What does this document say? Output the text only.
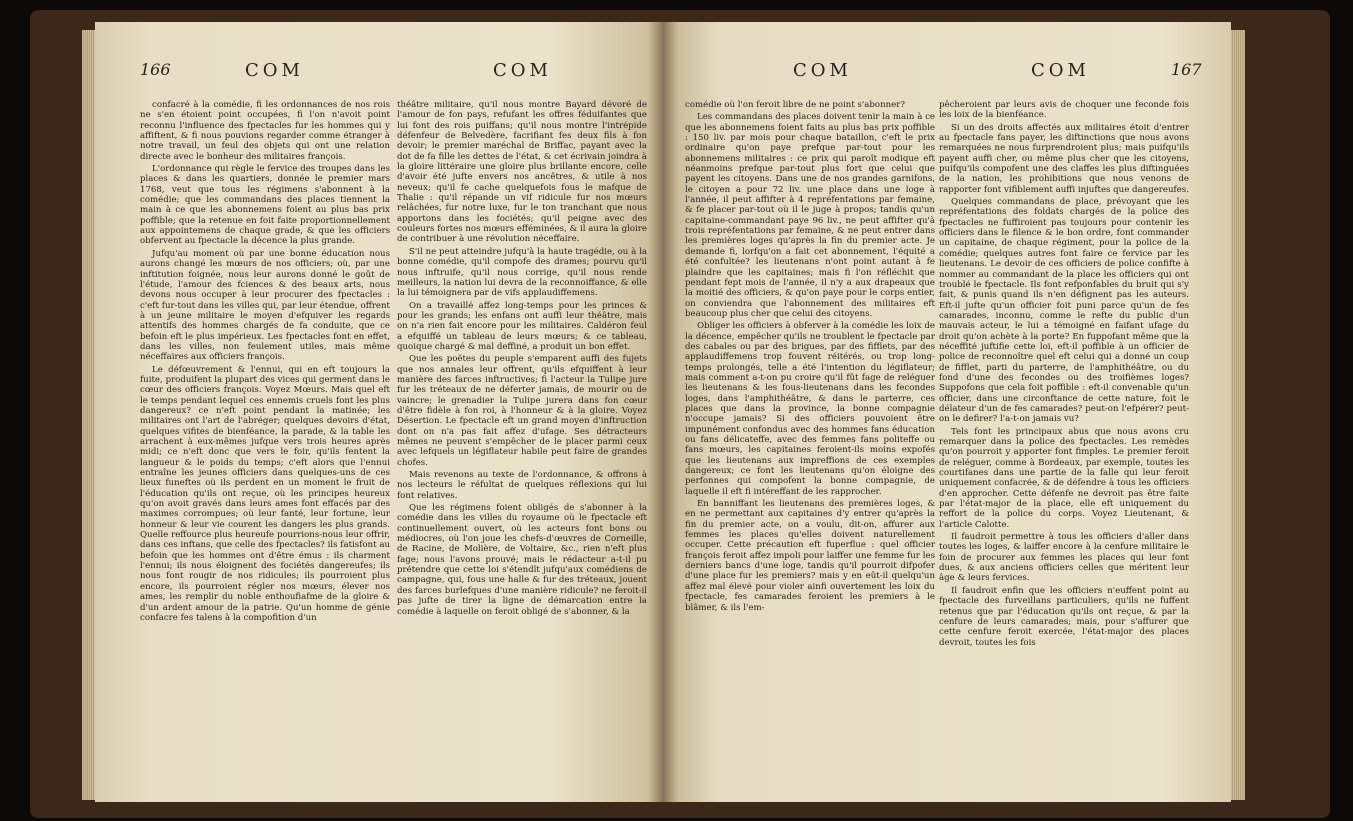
166	COM	COM

confacré à la comédie, fi les ordonnances de nos rois ne s'en étoient point occupées, fi l'on n'avoit point reconnu l'influence des fpectacles fur les hommes qui y affiftent, & fi nous pouvions regarder comme étranger à notre travail, un feul des objets qui ont une relation directe avec le bonheur des militaires françois.

L'ordonnance qui règle le fervice des troupes dans les places & dans les quartiers, donnée le premier mars 1768, veut que tous les régimens s'abonnent à la comédie; que les commandans des places tiennent la main à ce que les abonnemens foient au plus bas prix poffible; que la retenue en foit faite proportionnellement aux appointemens de chaque grade, & que les officiers obfervent au fpectacle la décence la plus grande.

Jufqu'au moment où par une bonne éducation nous aurons changé les mœurs de nos officiers; où, par une inftitution foignée, nous leur aurons donné le goût de l'étude, l'amour des fciences & des beaux arts, nous devons nous occuper à leur procurer des fpectacles : c'eft fur-tout dans les villes qui, par leur étendue, offrent à un jeune militaire le moyen d'efquiver les regards attentifs des hommes chargés de fa conduite, que ce befoin eft le plus impérieux. Les fpectacles font en effet, dans les villes, non feulement utiles, mais même néceffaires aux officiers françois.

Le défœuvrement & l'ennui, qui en eft toujours la fuite, produifent la plupart des vices qui germent dans le cœur des officiers françois. Voyez Mœurs. Mais quel eft le temps pendant lequel ces ennemis cruels font les plus dangereux? ce n'eft point pendant la matinée; les militaires ont l'art de l'abréger; quelques devoirs d'état, quelques vifites de bienféance, la parade, & la table les arrachent à eux-mêmes jufque vers trois heures après midi; ce n'eft donc que vers le foir, qu'ils fentent la langueur & le poids du temps; c'eft alors que l'ennui entraîne les jeunes officiers dans quelques-uns de ces lieux funeftes où ils perdent en un moment le fruit de l'éducation qu'ils ont reçue, où les principes heureux qu'on avoit gravés dans leurs ames font effacés par des maximes corrompues; où leur fanté, leur fortune, leur honneur & leur vie courent les dangers les plus grands. Quelle reffource plus heureufe pourrions-nous leur offrir, dans ces inftans, que celle des fpectacles? ils fatisfont au befoin que les hommes ont d'être émus : ils charment l'ennui; ils nous éloignent des fociétés dangereufes; ils nous font rougir de nos ridicules; ils pourroient plus encore, ils pourroient régler nos mœurs, élever nos ames, les remplir du noble enthoufiafme de la gloire & d'un ardent amour de la patrie. Qu'un homme de génie confacre fes talens à la compofition d'un

théâtre militaire, qu'il nous montre Bayard dévoré de l'amour de fon pays, refufant les offres féduifantes que lui font des rois puiffans; qu'il nous montre l'intrépide défenfeur de Belvedère, facrifiant fes deux fils à fon devoir; le premier maréchal de Briffac, payant avec la dot de fa fille les dettes de l'état, & cet écrivain joindra à la gloire littéraire une gloire plus brillante encore, celle d'avoir été jufte envers nos ancêtres, & utile à nos neveux; qu'il fe cache quelquefois fous le mafque de Thalie : qu'il répande un vif ridicule fur nos mœurs relâchées, fur notre luxe, fur le ton tranchant que nous apportons dans les fociétés; qu'il peigne avec des couleurs fortes nos mœurs efféminées, & il aura la gloire de contribuer à une révolution néceffaire.

S'il ne peut atteindre jufqu'à la haute tragédie, ou à la bonne comédie, qu'il compofe des drames; pourvu qu'il nous inftruife, qu'il nous corrige, qu'il nous rende meilleurs, la nation lui devra de la reconnoiffance, & elle la lui témoignera par de vifs applaudiffemens.

On a travaillé affez long-temps pour les princes & pour les grands; les enfans ont auffi leur théâtre, mais on n'a rien fait encore pour les militaires. Caldéron feul a efquiffé un tableau de leurs mœurs; & ce tableau, quoique chargé & mal deffiné, a produit un bon effet.

Que les poëtes du peuple s'emparent auffi des fujets que nos annales leur offrent, qu'ils efquiffent à leur manière des farces inftructives; fi l'acteur la Tulipe jure fur les tréteaux de ne déferter jamais, de mourir ou de vaincre; le grenadier la Tulipe jurera dans fon cœur d'être fidèle à fon roi, à l'honneur & à la gloire. Voyez Désertion. Le fpectacle eft un grand moyen d'inftruction dont on n'a pas fait affez d'ufage. Ses détracteurs mêmes ne peuvent s'empêcher de le placer parmi ceux avec lefquels un légiflateur habile peut faire de grandes chofes.

Mais revenons au texte de l'ordonnance, & offrons à nos lecteurs le réfultat de quelques réflexions qui lui font relatives.

Que les régimens foient obligés de s'abonner à la comédie dans les villes du royaume où le fpectacle eft continuellement ouvert, où les acteurs font bons ou médiocres, où l'on joue les chefs-d'œuvres de Corneille, de Racine, de Molière, de Voltaire, &c., rien n'eft plus fage; nous l'avons prouvé; mais le rédacteur a-t-il pu prétendre que cette loi s'étendît jufqu'aux comédiens de campagne, qui, fous une halle & fur des tréteaux, jouent des farces burlefques d'une manière ridicule? ne feroit-il pas jufte de tirer la ligne de démarcation entre la comédie à laquelle on feroit obligé de s'abonner, & la

COM	COM	167

comédie où l'on feroit libre de ne point s'abonner?

Les commandans des places doivent tenir la main à ce que les abonnemens foient faits au plus bas prix poffible : 150 liv. par mois pour chaque bataillon, c'eft le prix ordinaire qu'on paye prefque par-tout pour les abonnemens militaires : ce prix qui paroît modique eft néanmoins prefque par-tout plus fort que celui que payent les citoyens. Dans une de nos grandes garnifons, le citoyen a pour 72 liv. une place dans une loge à l'année, il peut affifter à 4 repréfentations par femaine, & fe placer par-tout où il le juge à propos; tandis qu'un capitaine-commandant paye 96 liv., ne peut affifter qu'à trois repréfentations par femaine, & ne peut entrer dans les premières loges qu'après la fin du premier acte. Je demande fi, lorfqu'on a fait cet abonnement, l'équité a été confultée? les lieutenans n'ont point autant à fe plaindre que les capitaines; mais fi l'on réfléchit que pendant fept mois de l'année, il n'y a aux drapeaux que la moitié des officiers, & qu'on paye pour le corps entier, on conviendra que l'abonnement des militaires eft beaucoup plus cher que celui des citoyens.

Obliger les officiers à obferver à la comédie les loix de la décence, empêcher qu'ils ne troublent le fpectacle par des cabales ou par des brigues, par des fifflets, par des applaudiffemens trop fouvent réitérés, ou trop long-temps prolongés, telle a été l'intention du légiflateur; mais comment a-t-on pu croire qu'il fût fage de reléguer les lieutenans & les fous-lieutenans dans les fecondes loges, dans l'amphithéâtre, & dans le parterre, ces places que dans la province, la bonne compagnie n'occupe jamais? Si des officiers pouvoient être impunément confondus avec des hommes fans éducation ou fans délicateffe, avec des femmes fans politeffe ou fans mœurs, les capitaines feroient-ils moins expofés que les lieutenans aux impreffions de ces exemples dangereux; ce font les lieutenans qu'on éloigne des perfonnes qui compofent la bonne compagnie, de laquelle il eft fi intéreffant de les rapprocher.

En banniffant les lieutenans des premières loges, & en ne permettant aux capitaines d'y entrer qu'après la fin du premier acte, on a voulu, dit-on, affurer aux femmes les places qu'elles doivent naturellement occuper. Cette précaution eft fuperflue : quel officier françois feroit affez impoli pour laiffer une femme fur les derniers bancs d'une loge, tandis qu'il pourroit difpofer d'une place fur les premiers? mais y en eût-il quelqu'un affez mal élevé pour violer ainfi ouvertement les loix du fpectacle, fes camarades feroient les premiers à le blâmer, & ils l'em-

pêcheroient par leurs avis de choquer une feconde fois les loix de la bienféance.

Si un des droits affectés aux militaires étoit d'entrer au fpectacle fans payer, les diftinctions que nous avons remarquées ne nous furprendroient plus; mais puifqu'ils payent auffi cher, ou même plus cher que les citoyens, puifqu'ils compofent une des claffes les plus diftinguées de la nation, les prohibitions que nous venons de rapporter font vifiblement auffi injuftes que dangereufes.

Quelques commandans de place, prévoyant que les repréfentations des foldats chargés de la police des fpectacles ne fuffiroient pas toujours pour contenir les officiers dans le filence & le bon ordre, font commander un capitaine, de chaque régiment, pour la police de la comédie; quelques autres font faire ce fervice par les lieutenans. Le devoir de ces officiers de police confifte à nommer au commandant de la place les officiers qui ont troublé le fpectacle. Ils font refponfables du bruit qui s'y fait, & punis quand ils n'en défignent pas les auteurs. Eft-il jufte qu'un officier foit puni parce qu'un de fes camarades, inconnu, comme le refte du public d'un mauvais acteur, le lui a témoigné en faifant ufage du droit qu'on achète à la porte? En fuppofant même que la néceffité juftifie cette loi, eft-il poffible à un officier de police de reconnoître quel eft celui qui a donné un coup de fifflet, parti du parterre, de l'amphithéâtre, ou du fond d'une des fecondes ou des troifièmes loges? Suppofons que cela foit poffible : eft-il convenable qu'un officier, dans une circonftance de cette nature, foit le délateur d'un de fes camarades? peut-on l'efpérer? peut-on le defirer? l'a-t-on jamais vu?

Tels font les principaux abus que nous avons cru remarquer dans la police des fpectacles. Les remèdes qu'on pourroit y apporter font fimples. Le premier feroit de reléguer, comme à Bordeaux, par exemple, toutes les courtifanes dans une partie de la falle qui leur feroit uniquement confacrée, & de défendre à tous les officiers d'en approcher. Cette défenfe ne devroit pas être faite par l'état-major de la place, elle eft uniquement du reffort de la police du corps. Voyez Lieutenant, & l'article Calotte.

Il faudroit permettre à tous les officiers d'aller dans toutes les loges, & laiffer encore à la cenfure militaire le foin de procurer aux femmes les places qui leur font dues, & aux anciens officiers celles que méritent leur âge & leurs fervices.

Il faudroit enfin que les officiers n'euffent point au fpectacle des furveillans particuliers, qu'ils ne fuffent retenus que par l'éducation qu'ils ont reçue, & par la cenfure de leurs camarades; mais, pour s'affurer que cette cenfure feroit exercée, l'état-major des places devroit, toutes les fois
